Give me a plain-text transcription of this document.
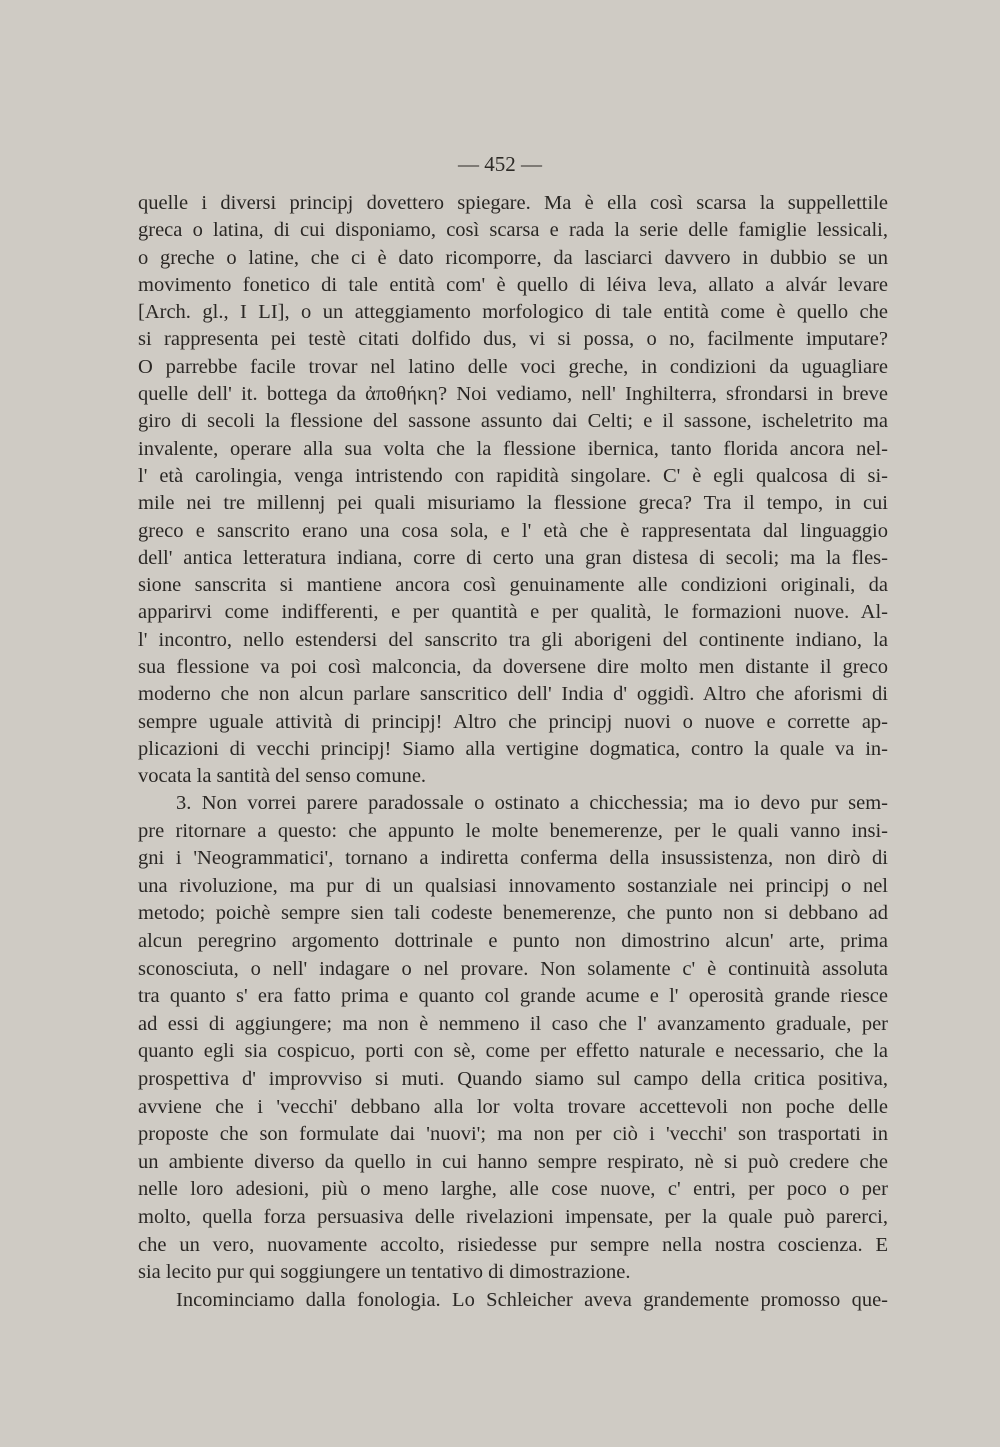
— 452 —
quelle i diversi principj dovettero spiegare. Ma è ella così scarsa la suppellettile
greca o latina, di cui disponiamo, così scarsa e rada la serie delle famiglie lessicali,
o greche o latine, che ci è dato ricomporre, da lasciarci davvero in dubbio se un
movimento fonetico di tale entità com' è quello di léiva leva, allato a alvár levare
[Arch. gl., I LI], o un atteggiamento morfologico di tale entità come è quello che
si rappresenta pei testè citati dolfido dus, vi si possa, o no, facilmente imputare?
O parrebbe facile trovar nel latino delle voci greche, in condizioni da uguagliare
quelle dell' it. bottega da ἀποθήκη? Noi vediamo, nell' Inghilterra, sfrondarsi in breve
giro di secoli la flessione del sassone assunto dai Celti; e il sassone, ischeletrito ma
invalente, operare alla sua volta che la flessione ibernica, tanto florida ancora nel-
l' età carolingia, venga intristendo con rapidità singolare. C' è egli qualcosa di si-
mile nei tre millennj pei quali misuriamo la flessione greca? Tra il tempo, in cui
greco e sanscrito erano una cosa sola, e l' età che è rappresentata dal linguaggio
dell' antica letteratura indiana, corre di certo una gran distesa di secoli; ma la fles-
sione sanscrita si mantiene ancora così genuinamente alle condizioni originali, da
apparirvi come indifferenti, e per quantità e per qualità, le formazioni nuove. Al-
l' incontro, nello estendersi del sanscrito tra gli aborigeni del continente indiano, la
sua flessione va poi così malconcia, da doversene dire molto men distante il greco
moderno che non alcun parlare sanscritico dell' India d' oggidì. Altro che aforismi di
sempre uguale attività di principj! Altro che principj nuovi o nuove e corrette ap-
plicazioni di vecchi principj! Siamo alla vertigine dogmatica, contro la quale va in-
vocata la santità del senso comune.
3. Non vorrei parere paradossale o ostinato a chicchessia; ma io devo pur sem-
pre ritornare a questo: che appunto le molte benemerenze, per le quali vanno insi-
gni i 'Neogrammatici', tornano a indiretta conferma della insussistenza, non dirò di
una rivoluzione, ma pur di un qualsiasi innovamento sostanziale nei principj o nel
metodo; poichè sempre sien tali codeste benemerenze, che punto non si debbano ad
alcun peregrino argomento dottrinale e punto non dimostrino alcun' arte, prima
sconosciuta, o nell' indagare o nel provare. Non solamente c' è continuità assoluta
tra quanto s' era fatto prima e quanto col grande acume e l' operosità grande riesce
ad essi di aggiungere; ma non è nemmeno il caso che l' avanzamento graduale, per
quanto egli sia cospicuo, porti con sè, come per effetto naturale e necessario, che la
prospettiva d' improvviso si muti. Quando siamo sul campo della critica positiva,
avviene che i 'vecchi' debbano alla lor volta trovare accettevoli non poche delle
proposte che son formulate dai 'nuovi'; ma non per ciò i 'vecchi' son trasportati in
un ambiente diverso da quello in cui hanno sempre respirato, nè si può credere che
nelle loro adesioni, più o meno larghe, alle cose nuove, c' entri, per poco o per
molto, quella forza persuasiva delle rivelazioni impensate, per la quale può parerci,
che un vero, nuovamente accolto, risiedesse pur sempre nella nostra coscienza. E
sia lecito pur qui soggiungere un tentativo di dimostrazione.
Incominciamo dalla fonologia. Lo Schleicher aveva grandemente promosso que-
